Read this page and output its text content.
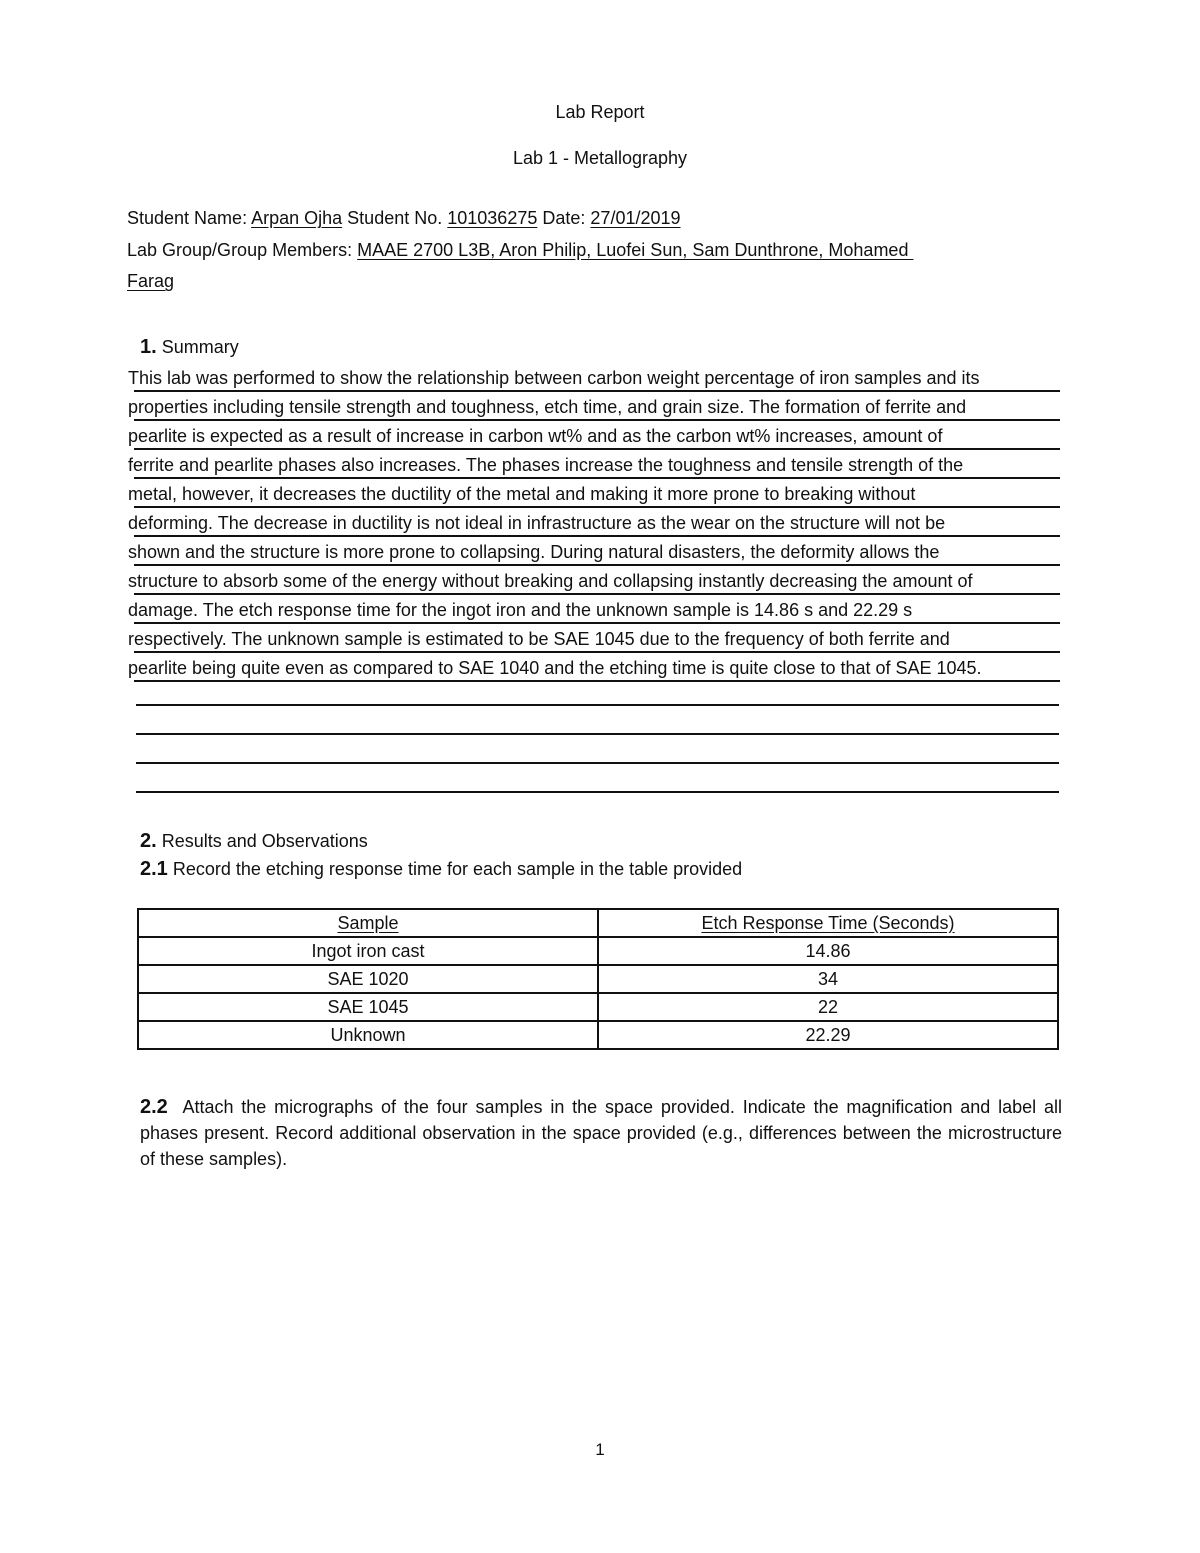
Lab Report
Lab 1 - Metallography
Student Name: Arpan Ojha Student No. 101036275 Date: 27/01/2019
Lab Group/Group Members: MAAE 2700 L3B, Aron Philip, Luofei Sun, Sam Dunthrone, Mohamed
Farag
1. Summary
This lab was performed to show the relationship between carbon weight percentage of iron samples and its
properties including tensile strength and toughness, etch time, and grain size. The formation of ferrite and
pearlite is expected as a result of increase in carbon wt% and as the carbon wt% increases, amount of
ferrite and pearlite phases also increases. The phases increase the toughness and tensile strength of the
metal, however, it decreases the ductility of the metal and making it more prone to breaking without
deforming. The decrease in ductility is not ideal in infrastructure as the wear on the structure will not be
shown and the structure is more prone to collapsing. During natural disasters, the deformity allows the
structure to absorb some of the energy without breaking and collapsing instantly decreasing the amount of
damage. The etch response time for the ingot iron and the unknown sample is 14.86 s and 22.29 s
respectively. The unknown sample is estimated to be SAE 1045 due to the frequency of both ferrite and
pearlite being quite even as compared to SAE 1040 and the etching time is quite close to that of SAE 1045.
2. Results and Observations
2.1 Record the etching response time for each sample in the table provided
Sample	Etch Response Time (Seconds)
Ingot iron cast	14.86
SAE 1020	34
SAE 1045	22
Unknown	22.29
2.2 Attach the micrographs of the four samples in the space provided. Indicate the magnification and label all phases present. Record additional observation in the space provided (e.g., differences between the microstructure of these samples).
1
